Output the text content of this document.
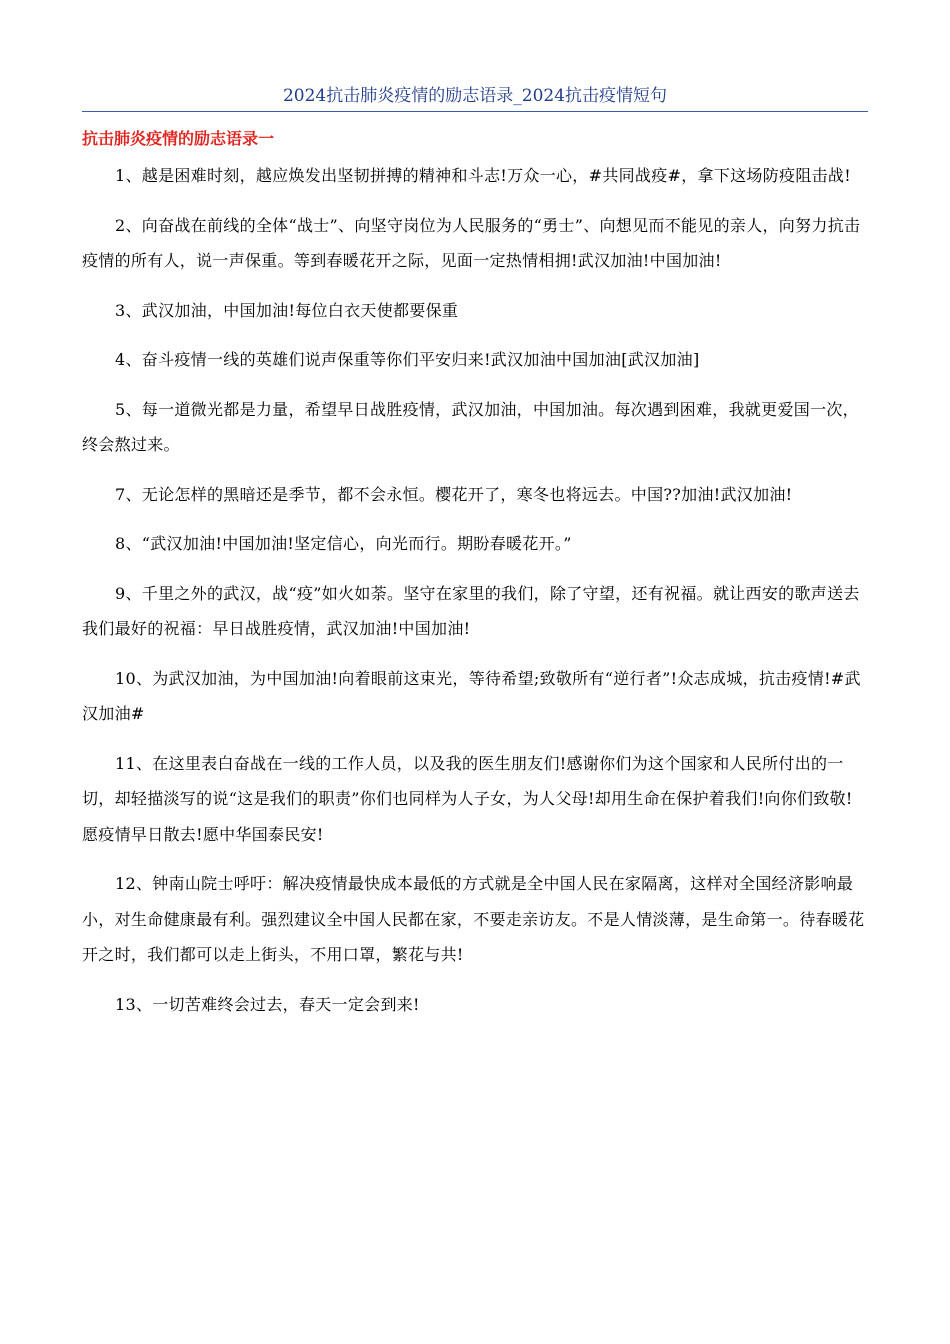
2024抗击肺炎疫情的励志语录_2024抗击疫情短句
抗击肺炎疫情的励志语录一

1、越是困难时刻，越应焕发出坚韧拼搏的精神和斗志!万众一心，#共同战疫#，拿下这场防疫阻击战!

2、向奋战在前线的全体“战士”、向坚守岗位为人民服务的“勇士”、向想见而不能见的亲人，向努力抗击疫情的所有人，说一声保重。等到春暖花开之际，见面一定热情相拥!武汉加油!中国加油!

3、武汉加油，中国加油!每位白衣天使都要保重

4、奋斗疫情一线的英雄们说声保重等你们平安归来!武汉加油中国加油[武汉加油]

5、每一道微光都是力量，希望早日战胜疫情，武汉加油，中国加油。每次遇到困难，我就更爱国一次，终会熬过来。

7、无论怎样的黑暗还是季节，都不会永恒。樱花开了，寒冬也将远去。中国??加油!武汉加油!

8、“武汉加油!中国加油!坚定信心，向光而行。期盼春暖花开。”

9、千里之外的武汉，战“疫”如火如荼。坚守在家里的我们，除了守望，还有祝福。就让西安的歌声送去我们最好的祝福：早日战胜疫情，武汉加油!中国加油!

10、为武汉加油，为中国加油!向着眼前这束光，等待希望;致敬所有“逆行者”!众志成城，抗击疫情!#武汉加油#

11、在这里表白奋战在一线的工作人员，以及我的医生朋友们!感谢你们为这个国家和人民所付出的一切，却轻描淡写的说“这是我们的职责”你们也同样为人子女，为人父母!却用生命在保护着我们!向你们致敬!愿疫情早日散去!愿中华国泰民安!

12、钟南山院士呼吁：解决疫情最快成本最低的方式就是全中国人民在家隔离，这样对全国经济影响最小，对生命健康最有利。强烈建议全中国人民都在家，不要走亲访友。不是人情淡薄，是生命第一。待春暖花开之时，我们都可以走上街头，不用口罩，繁花与共!

13、一切苦难终会过去，春天一定会到来!
